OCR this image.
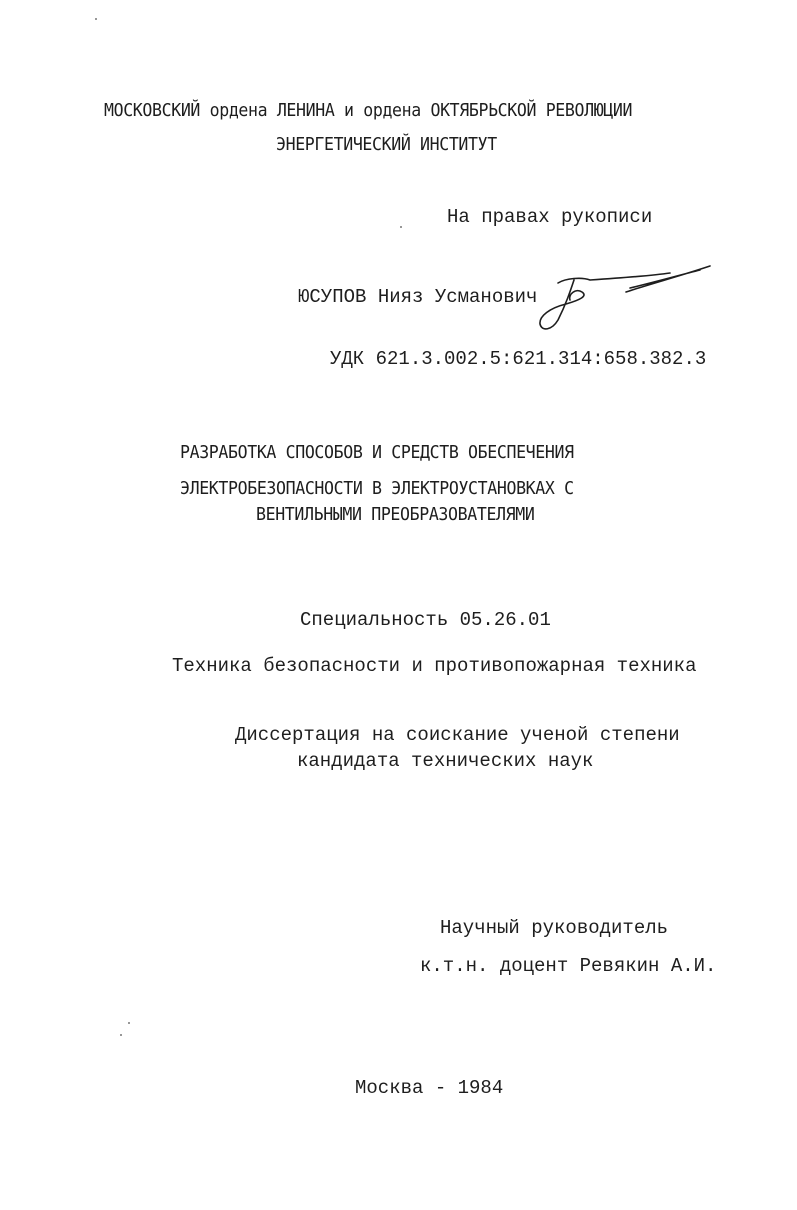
МОСКОВСКИЙ ордена ЛЕНИНА и ордена ОКТЯБРЬСКОЙ РЕВОЛЮЦИИ
ЭНЕРГЕТИЧЕСКИЙ ИНСТИТУТ
На правах рукописи
ЮСУПОВ Нияз Усманович
УДК 621.3.002.5:621.314:658.382.3
РАЗРАБОТКА СПОСОБОВ И СРЕДСТВ ОБЕСПЕЧЕНИЯ
ЭЛЕКТРОБЕЗОПАСНОСТИ В ЭЛЕКТРОУСТАНОВКАХ С
ВЕНТИЛЬНЫМИ ПРЕОБРАЗОВАТЕЛЯМИ
Специальность 05.26.01
Техника безопасности и противопожарная техника
Диссертация на соискание ученой степени
кандидата технических наук
Научный руководитель
к.т.н. доцент Ревякин А.И.
Москва - 1984
